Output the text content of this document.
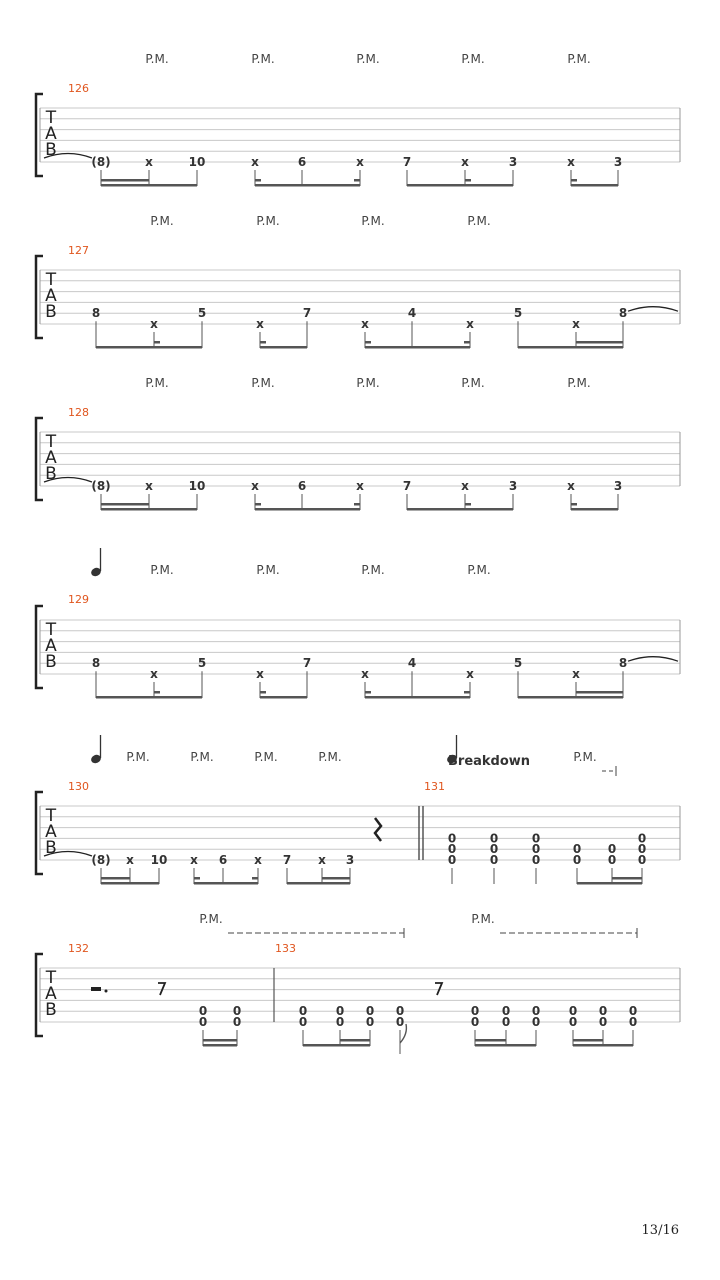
T
A
B
126
P.M.	P.M.	P.M.	P.M.	P.M.
(8)	x	10	x	6	x	7	x	3	x	3
T
A
B
127
P.M.	P.M.	P.M.	P.M.
8
x
5
x
7
x
4
x
5
x
8
T
A
B
128
P.M.	P.M.	P.M.	P.M.	P.M.
(8)	x	10	x	6	x	7	x	3	x	3
T
A
B
129
P.M.	P.M.	P.M.	P.M.
8
x
5
x
7
x
4
x
5
x
8
T
A
B
130	131
P.M.	P.M.	P.M.	P.M.	P.M.
Breakdown
(8) x 10 x 6 x 7 x 3	0
0
0
0
0
0
0
0
0
0
0
0
0
0
0
0
T
A
B
132	133
P.M.	P.M.
0
0
0
0
0
0
0
0
0
0
0
0
0
0
0
0
0
0
0
0
0
0
0
0
13/16
